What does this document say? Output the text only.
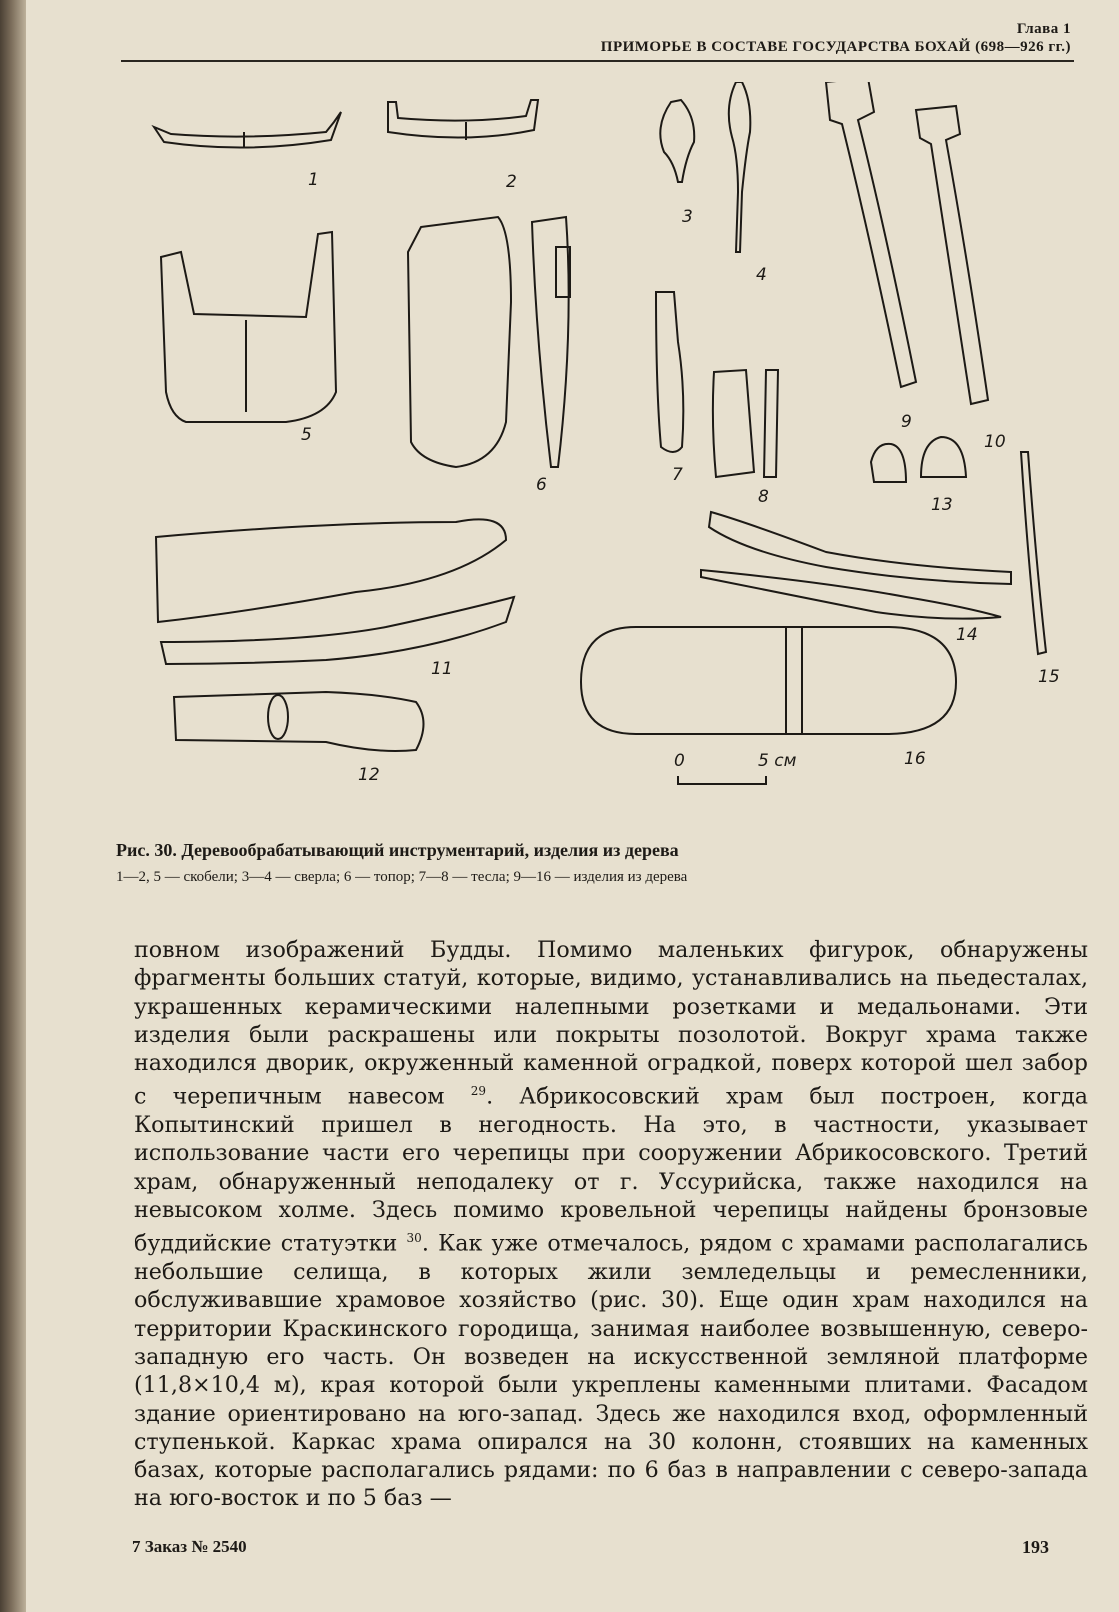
Глава 1
ПРИМОРЬЕ В СОСТАВЕ ГОСУДАРСТВА БОХАЙ (698—926 гг.)
1	2
3
4
5
6	7
8
9
10
11
12
13
14
15
16
0	5 см

Рис. 30. Деревообрабатывающий инструментарий, изделия из дерева

1—2, 5 — скобели; 3—4 — сверла; 6 — топор; 7—8 — тесла; 9—16 — изделия из дерева

повном изображений Будды. Помимо маленьких фигурок, обнаружены фрагменты больших статуй, которые, видимо, устанавливались на пьедесталах, украшенных керамическими налепными розетками и медальонами. Эти изделия были раскрашены или покрыты позолотой. Вокруг храма также находился дворик, окруженный каменной оградкой, поверх которой шел забор с черепичным навесом $^{29}$. Абрикосовский храм был построен, когда Копытинский пришел в негодность. На это, в частности, указывает использование части его черепицы при сооружении Абрикосовского. Третий храм, обнаруженный неподалеку от г. Уссурийска, также находился на невысоком холме. Здесь помимо кровельной черепицы найдены бронзовые буддийские статуэтки $^{30}$. Как уже отмечалось, рядом с храмами располагались небольшие селища, в которых жили земледельцы и ремесленники, обслуживавшие храмовое хозяйство (рис. 30). Еще один храм находился на территории Краскинского городища, занимая наиболее возвышенную, северо-западную его часть. Он возведен на искусственной земляной платформе (11,8×10,4 м), края которой были укреплены каменными плитами. Фасадом здание ориентировано на юго-запад. Здесь же находился вход, оформленный ступенькой. Каркас храма опирался на 30 колонн, стоявших на каменных базах, которые располагались рядами: по 6 баз в направлении с северо-запада на юго-восток и по 5 баз —
7 Заказ № 2540	193
